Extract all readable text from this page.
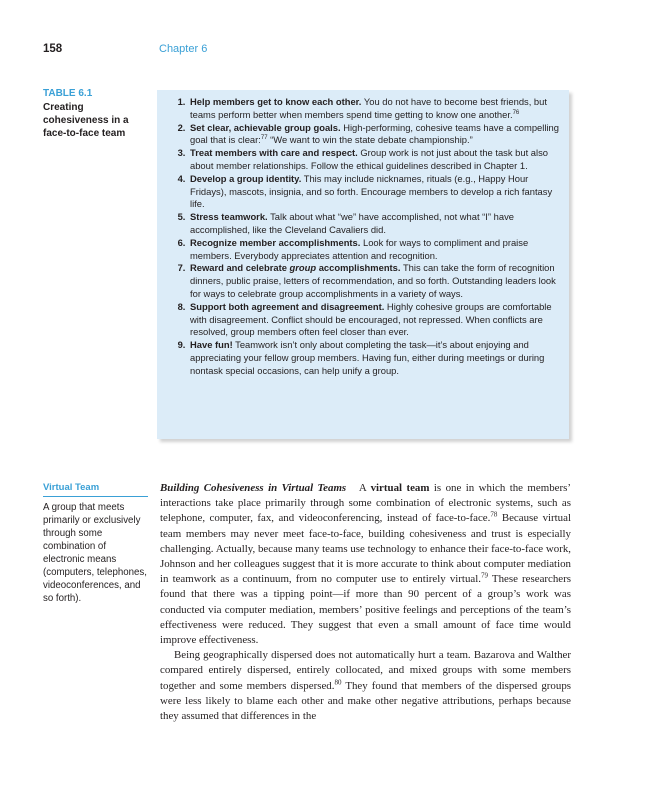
158	Chapter 6
TABLE 6.1
Creating cohesiveness in a face-to-face team
1. Help members get to know each other. You do not have to become best friends, but teams perform better when members spend time getting to know one another.$^{76}$
2. Set clear, achievable group goals. High-performing, cohesive teams have a compelling goal that is clear:$^{77}$ “We want to win the state debate championship.”
3. Treat members with care and respect. Group work is not just about the task but also about member relationships. Follow the ethical guidelines described in Chapter 1.
4. Develop a group identity. This may include nicknames, rituals (e.g., Happy Hour Fridays), mascots, insignia, and so forth. Encourage members to develop a rich fantasy life.
5. Stress teamwork. Talk about what “we” have accomplished, not what “I” have accomplished, like the Cleveland Cavaliers did.
6. Recognize member accomplishments. Look for ways to compliment and praise members. Everybody appreciates attention and recognition.
7. Reward and celebrate group accomplishments. This can take the form of recognition dinners, public praise, letters of recommendation, and so forth. Outstanding leaders look for ways to celebrate group accomplishments in a variety of ways.
8. Support both agreement and disagreement. Highly cohesive groups are comfortable with disagreement. Conflict should be encouraged, not repressed. When conflicts are resolved, group members often feel closer than ever.
9. Have fun! Teamwork isn’t only about completing the task—it’s about enjoying and appreciating your fellow group members. Having fun, either during meetings or during nontask special occasions, can help unify a group.
Virtual Team
A group that meets primarily or exclusively through some combination of electronic means (computers, telephones, videoconferences, and so forth).

Building Cohesiveness in Virtual Teams A virtual team is one in which the members’ interactions take place primarily through some combination of electronic systems, such as telephone, computer, fax, and videoconferencing, instead of face-to-face.$^{78}$ Because virtual team members may never meet face-to-face, building cohesiveness and trust is especially challenging. Actually, because many teams use technology to enhance their face-to-face work, Johnson and her colleagues suggest that it is more accurate to think about computer mediation in teamwork as a continuum, from no computer use to entirely virtual.$^{79}$ These researchers found that there was a tipping point—if more than 90 percent of a group’s work was conducted via computer mediation, members’ positive feelings and perceptions of the team’s effectiveness were reduced. They suggest that even a small amount of face time would improve effectiveness.

Being geographically dispersed does not automatically hurt a team. Bazarova and Walther compared entirely dispersed, entirely collocated, and mixed groups with some members together and some members dispersed.$^{80}$ They found that members of the dispersed groups were less likely to blame each other and make other negative attributions, perhaps because they assumed that differences in the
